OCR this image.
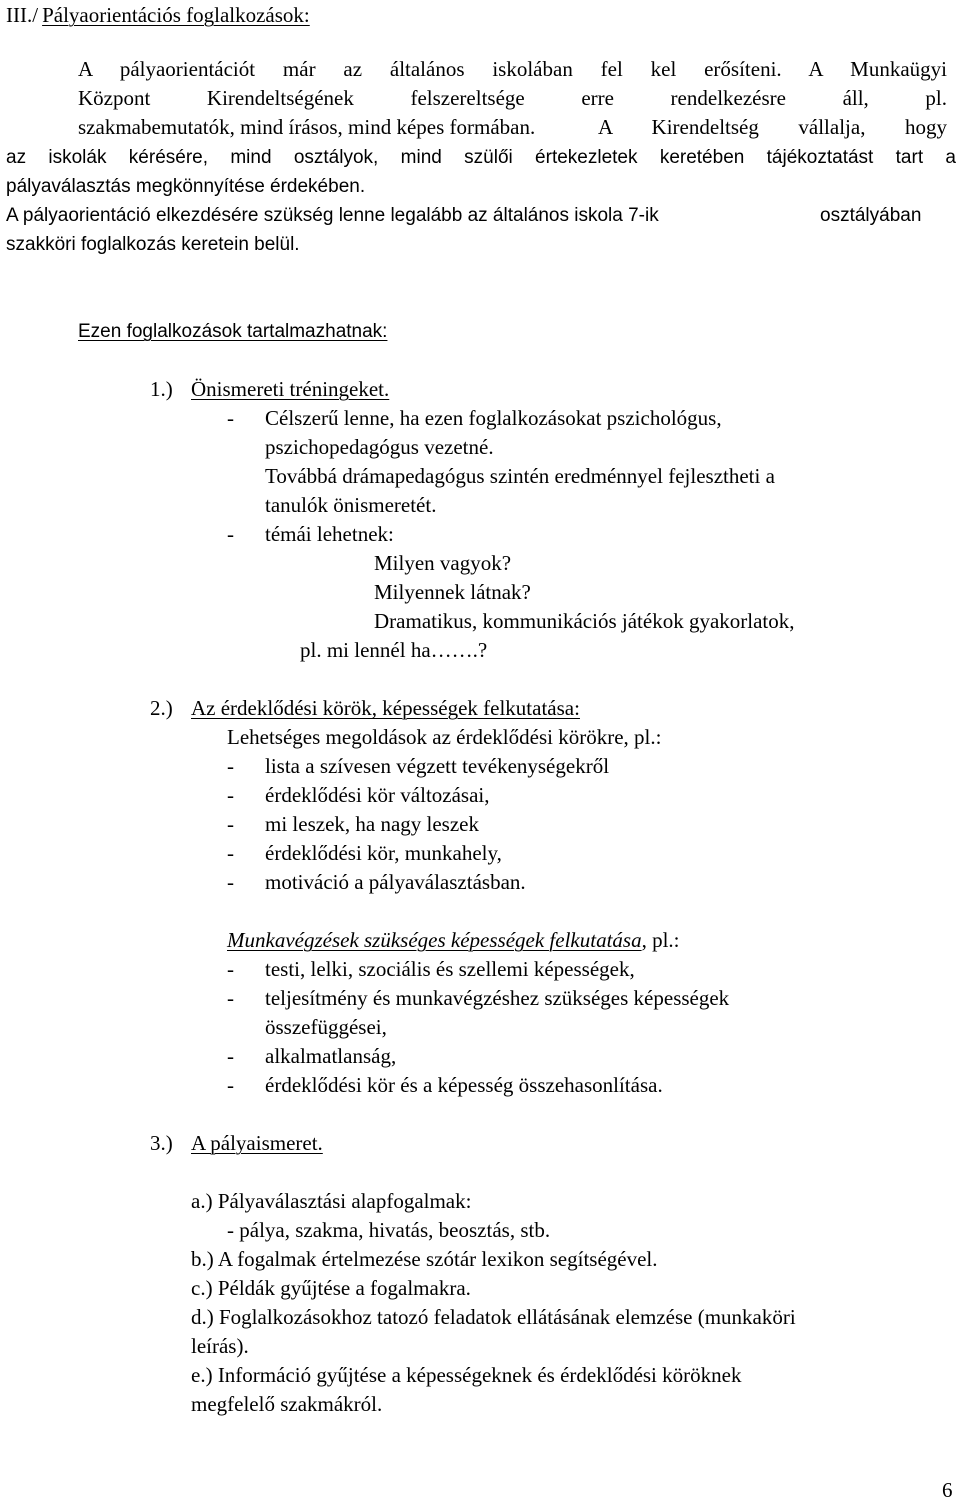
III./ Pályaorientációs foglalkozások:
A pályaorientációt már az általános iskolában fel kel erősíteni. A Munkaügyi
Központ Kirendeltségének felszereltsége erre rendelkezésre áll, pl.
szakmabemutatók, mind írásos, mind képes formában.	A Kirendeltség vállalja, hogy
az iskolák kérésére, mind osztályok, mind szülői értekezletek keretében tájékoztatást tart a
pályaválasztás megkönnyítése érdekében.
A pályaorientáció elkezdésére szükség lenne legalább az általános iskola 7-ik	osztályában
szakköri foglalkozás keretein belül.
Ezen foglalkozások tartalmazhatnak:
1.) Önismereti tréningeket.
- Célszerű lenne, ha ezen foglalkozásokat pszichológus,
pszichopedagógus vezetné.
Továbbá drámapedagógus szintén eredménnyel fejlesztheti a
tanulók önismeretét.
- témái lehetnek:
Milyen vagyok?
Milyennek látnak?
Dramatikus, kommunikációs játékok gyakorlatok,
pl. mi lennél ha…….?
2.) Az érdeklődési körök, képességek felkutatása:
Lehetséges megoldások az érdeklődési körökre, pl.:
- lista a szívesen végzett tevékenységekről
- érdeklődési kör változásai,
- mi leszek, ha nagy leszek
- érdeklődési kör, munkahely,
- motiváció a pályaválasztásban.
Munkavégzések szükséges képességek felkutatása, pl.:
- testi, lelki, szociális és szellemi képességek,
- teljesítmény és munkavégzéshez szükséges képességek
összefüggései,
- alkalmatlanság,
- érdeklődési kör és a képesség összehasonlítása.
3.) A pályaismeret.
a.) Pályaválasztási alapfogalmak:
- pálya, szakma, hivatás, beosztás, stb.
b.) A fogalmak értelmezése szótár lexikon segítségével.
c.) Példák gyűjtése a fogalmakra.
d.) Foglalkozásokhoz tatozó feladatok ellátásának elemzése (munkaköri
leírás).
e.) Információ gyűjtése a képességeknek és érdeklődési köröknek
megfelelő szakmákról.
6
